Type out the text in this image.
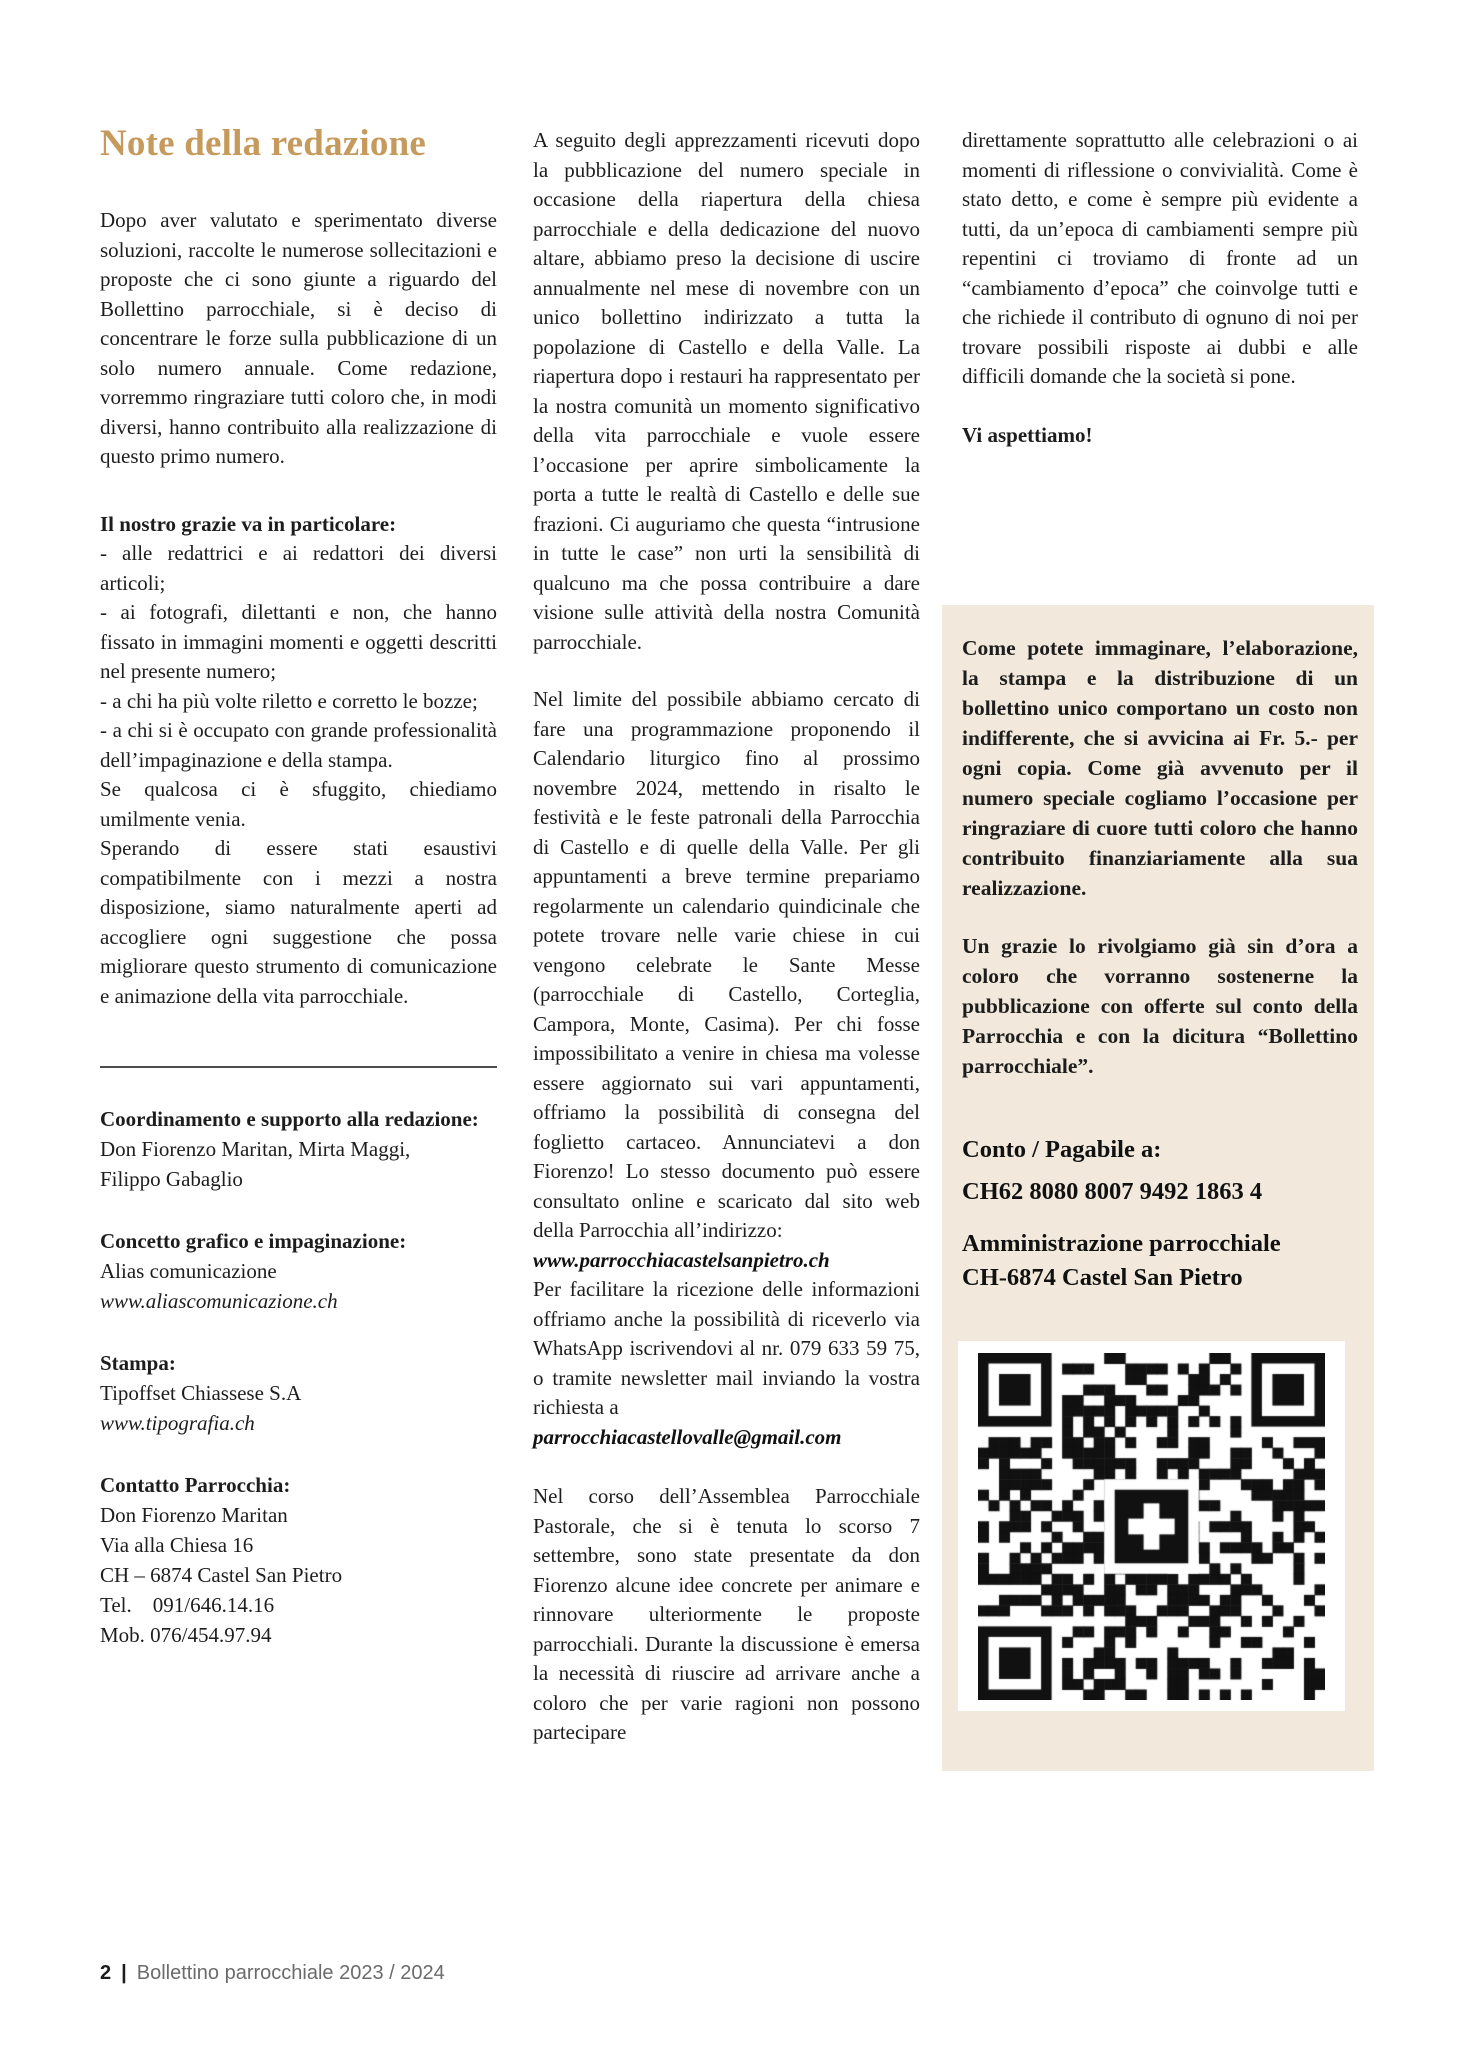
Note della redazione

Dopo aver valutato e sperimentato diverse soluzioni, raccolte le numerose sollecitazioni e proposte che ci sono giunte a riguardo del Bollettino parrocchiale, si è deciso di concentrare le forze sulla pubblicazione di un solo numero annuale. Come redazione, vorremmo ringraziare tutti coloro che, in modi diversi, hanno contribuito alla realizzazione di questo primo numero.

Il nostro grazie va in particolare:

- alle redattrici e ai redattori dei diversi articoli;

- ai fotografi, dilettanti e non, che hanno fissato in immagini momenti e oggetti descritti nel presente numero;

- a chi ha più volte riletto e corretto le bozze;

- a chi si è occupato con grande professionalità dell’impaginazione e della stampa.

Se qualcosa ci è sfuggito, chiediamo umilmente venia.

Sperando di essere stati esaustivi compatibilmente con i mezzi a nostra disposizione, siamo naturalmente aperti ad accogliere ogni suggestione che possa migliorare questo strumento di comunicazione e animazione della vita parrocchiale.

Coordinamento e supporto alla redazione:

Don Fiorenzo Maritan, Mirta Maggi,

Filippo Gabaglio

Concetto grafico e impaginazione:

Alias comunicazione

www.aliascomunicazione.ch

Stampa:

Tipoffset Chiassese S.A

www.tipografia.ch

Contatto Parrocchia:

Don Fiorenzo Maritan

Via alla Chiesa 16

CH – 6874 Castel San Pietro

Tel.    091/646.14.16

Mob. 076/454.97.94

A seguito degli apprezzamenti ricevuti dopo la pubblicazione del numero speciale in occasione della riapertura della chiesa parrocchiale e della dedicazione del nuovo altare, abbiamo preso la decisione di uscire annualmente nel mese di novembre con un unico bollettino indirizzato a tutta la popolazione di Castello e della Valle. La riapertura dopo i restauri ha rappresentato per la nostra comunità un momento significativo della vita parrocchiale e vuole essere l’occasione per aprire simbolicamente la porta a tutte le realtà di Castello e delle sue frazioni. Ci auguriamo che questa “intrusione in tutte le case” non urti la sensibilità di qualcuno ma che possa contribuire a dare visione sulle attività della nostra Comunità parrocchiale.

Nel limite del possibile abbiamo cercato di fare una programmazione proponendo il Calendario liturgico fino al prossimo novembre 2024, mettendo in risalto le festività e le feste patronali della Parrocchia di Castello e di quelle della Valle. Per gli appuntamenti a breve termine prepariamo regolarmente un calendario quindicinale che potete trovare nelle varie chiese in cui vengono celebrate le Sante Messe (parrocchiale di Castello, Corteglia, Campora, Monte, Casima). Per chi fosse impossibilitato a venire in chiesa ma volesse essere aggiornato sui vari appuntamenti, offriamo la possibilità di consegna del foglietto cartaceo. Annunciatevi a don Fiorenzo! Lo stesso documento può essere consultato online e scaricato dal sito web della Parrocchia all’indirizzo:

www.parrocchiacastelsanpietro.ch

Per facilitare la ricezione delle informazioni offriamo anche la possibilità di riceverlo via WhatsApp iscrivendovi al nr. 079 633 59 75, o tramite newsletter mail inviando la vostra richiesta a

parrocchiacastellovalle@gmail.com

Nel corso dell’Assemblea Parrocchiale Pastorale, che si è tenuta lo scorso 7 settembre, sono state presentate da don Fiorenzo alcune idee concrete per animare e rinnovare ulteriormente le proposte parrocchiali. Durante la discussione è emersa la necessità di riuscire ad arrivare anche a coloro che per varie ragioni non possono partecipare

direttamente soprattutto alle celebrazioni o ai momenti di riflessione o convivialità. Come è stato detto, e come è sempre più evidente a tutti, da un’epoca di cambiamenti sempre più repentini ci troviamo di fronte ad un “cambiamento d’epoca” che coinvolge tutti e che richiede il contributo di ognuno di noi per trovare possibili risposte ai dubbi e alle difficili domande che la società si pone.

Vi aspettiamo!

Come potete immaginare, l’elaborazione, la stampa e la distribuzione di un bollettino unico comportano un costo non indifferente, che si avvicina ai Fr. 5.- per ogni copia. Come già avvenuto per il numero speciale cogliamo l’occasione per ringraziare di cuore tutti coloro che hanno contribuito finanziariamente alla sua realizzazione.

Un grazie lo rivolgiamo già sin d’ora a coloro che vorranno sostenerne la pubblicazione con offerte sul conto della Parrocchia e con la dicitura “Bollettino parrocchiale”.

Conto / Pagabile a:

CH62 8080 8007 9492 1863 4

Amministrazione parrocchiale

CH-6874 Castel San Pietro

2 | Bollettino parrocchiale 2023 / 2024
